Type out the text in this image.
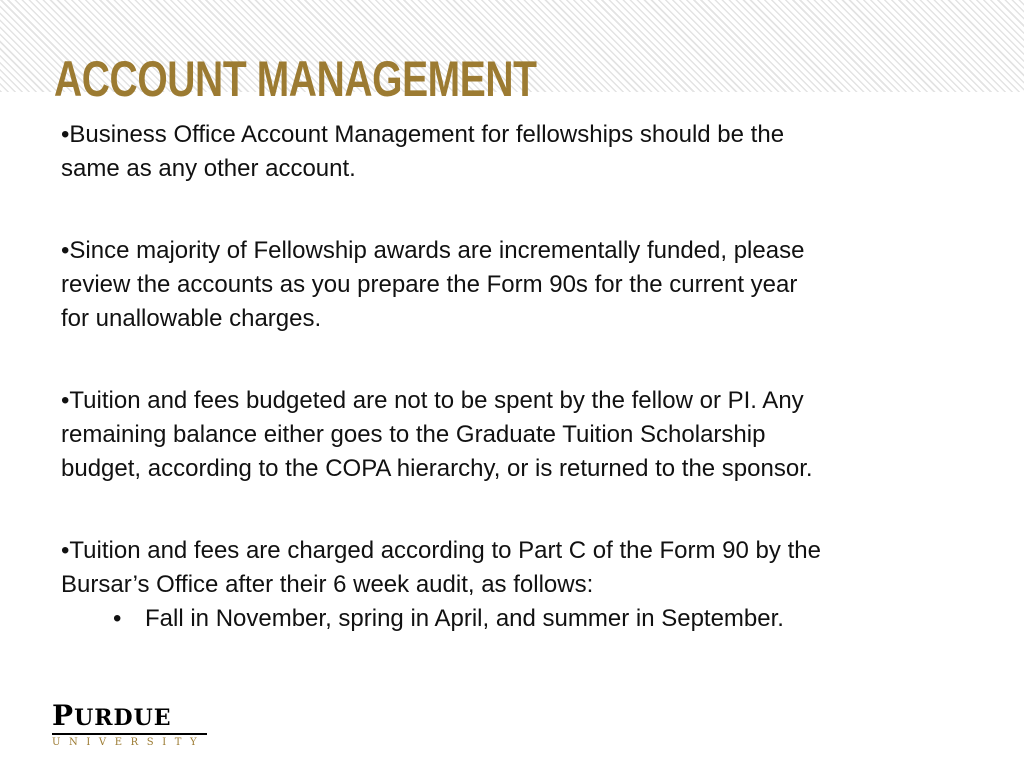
ACCOUNT MANAGEMENT

•Business Office Account Management for fellowships should be the
same as any other account.

•Since majority of Fellowship awards are incrementally funded, please
review the accounts as you prepare the Form 90s for the current year
for unallowable charges.

•Tuition and fees budgeted are not to be spent by the fellow or PI. Any
remaining balance either goes to the Graduate Tuition Scholarship
budget, according to the COPA hierarchy, or is returned to the sponsor.

•Tuition and fees are charged according to Part C of the Form 90 by the
Bursar’s Office after their 6 week audit, as follows:

• Fall in November, spring in April, and summer in September.

PURDUE
UNIVERSITY
